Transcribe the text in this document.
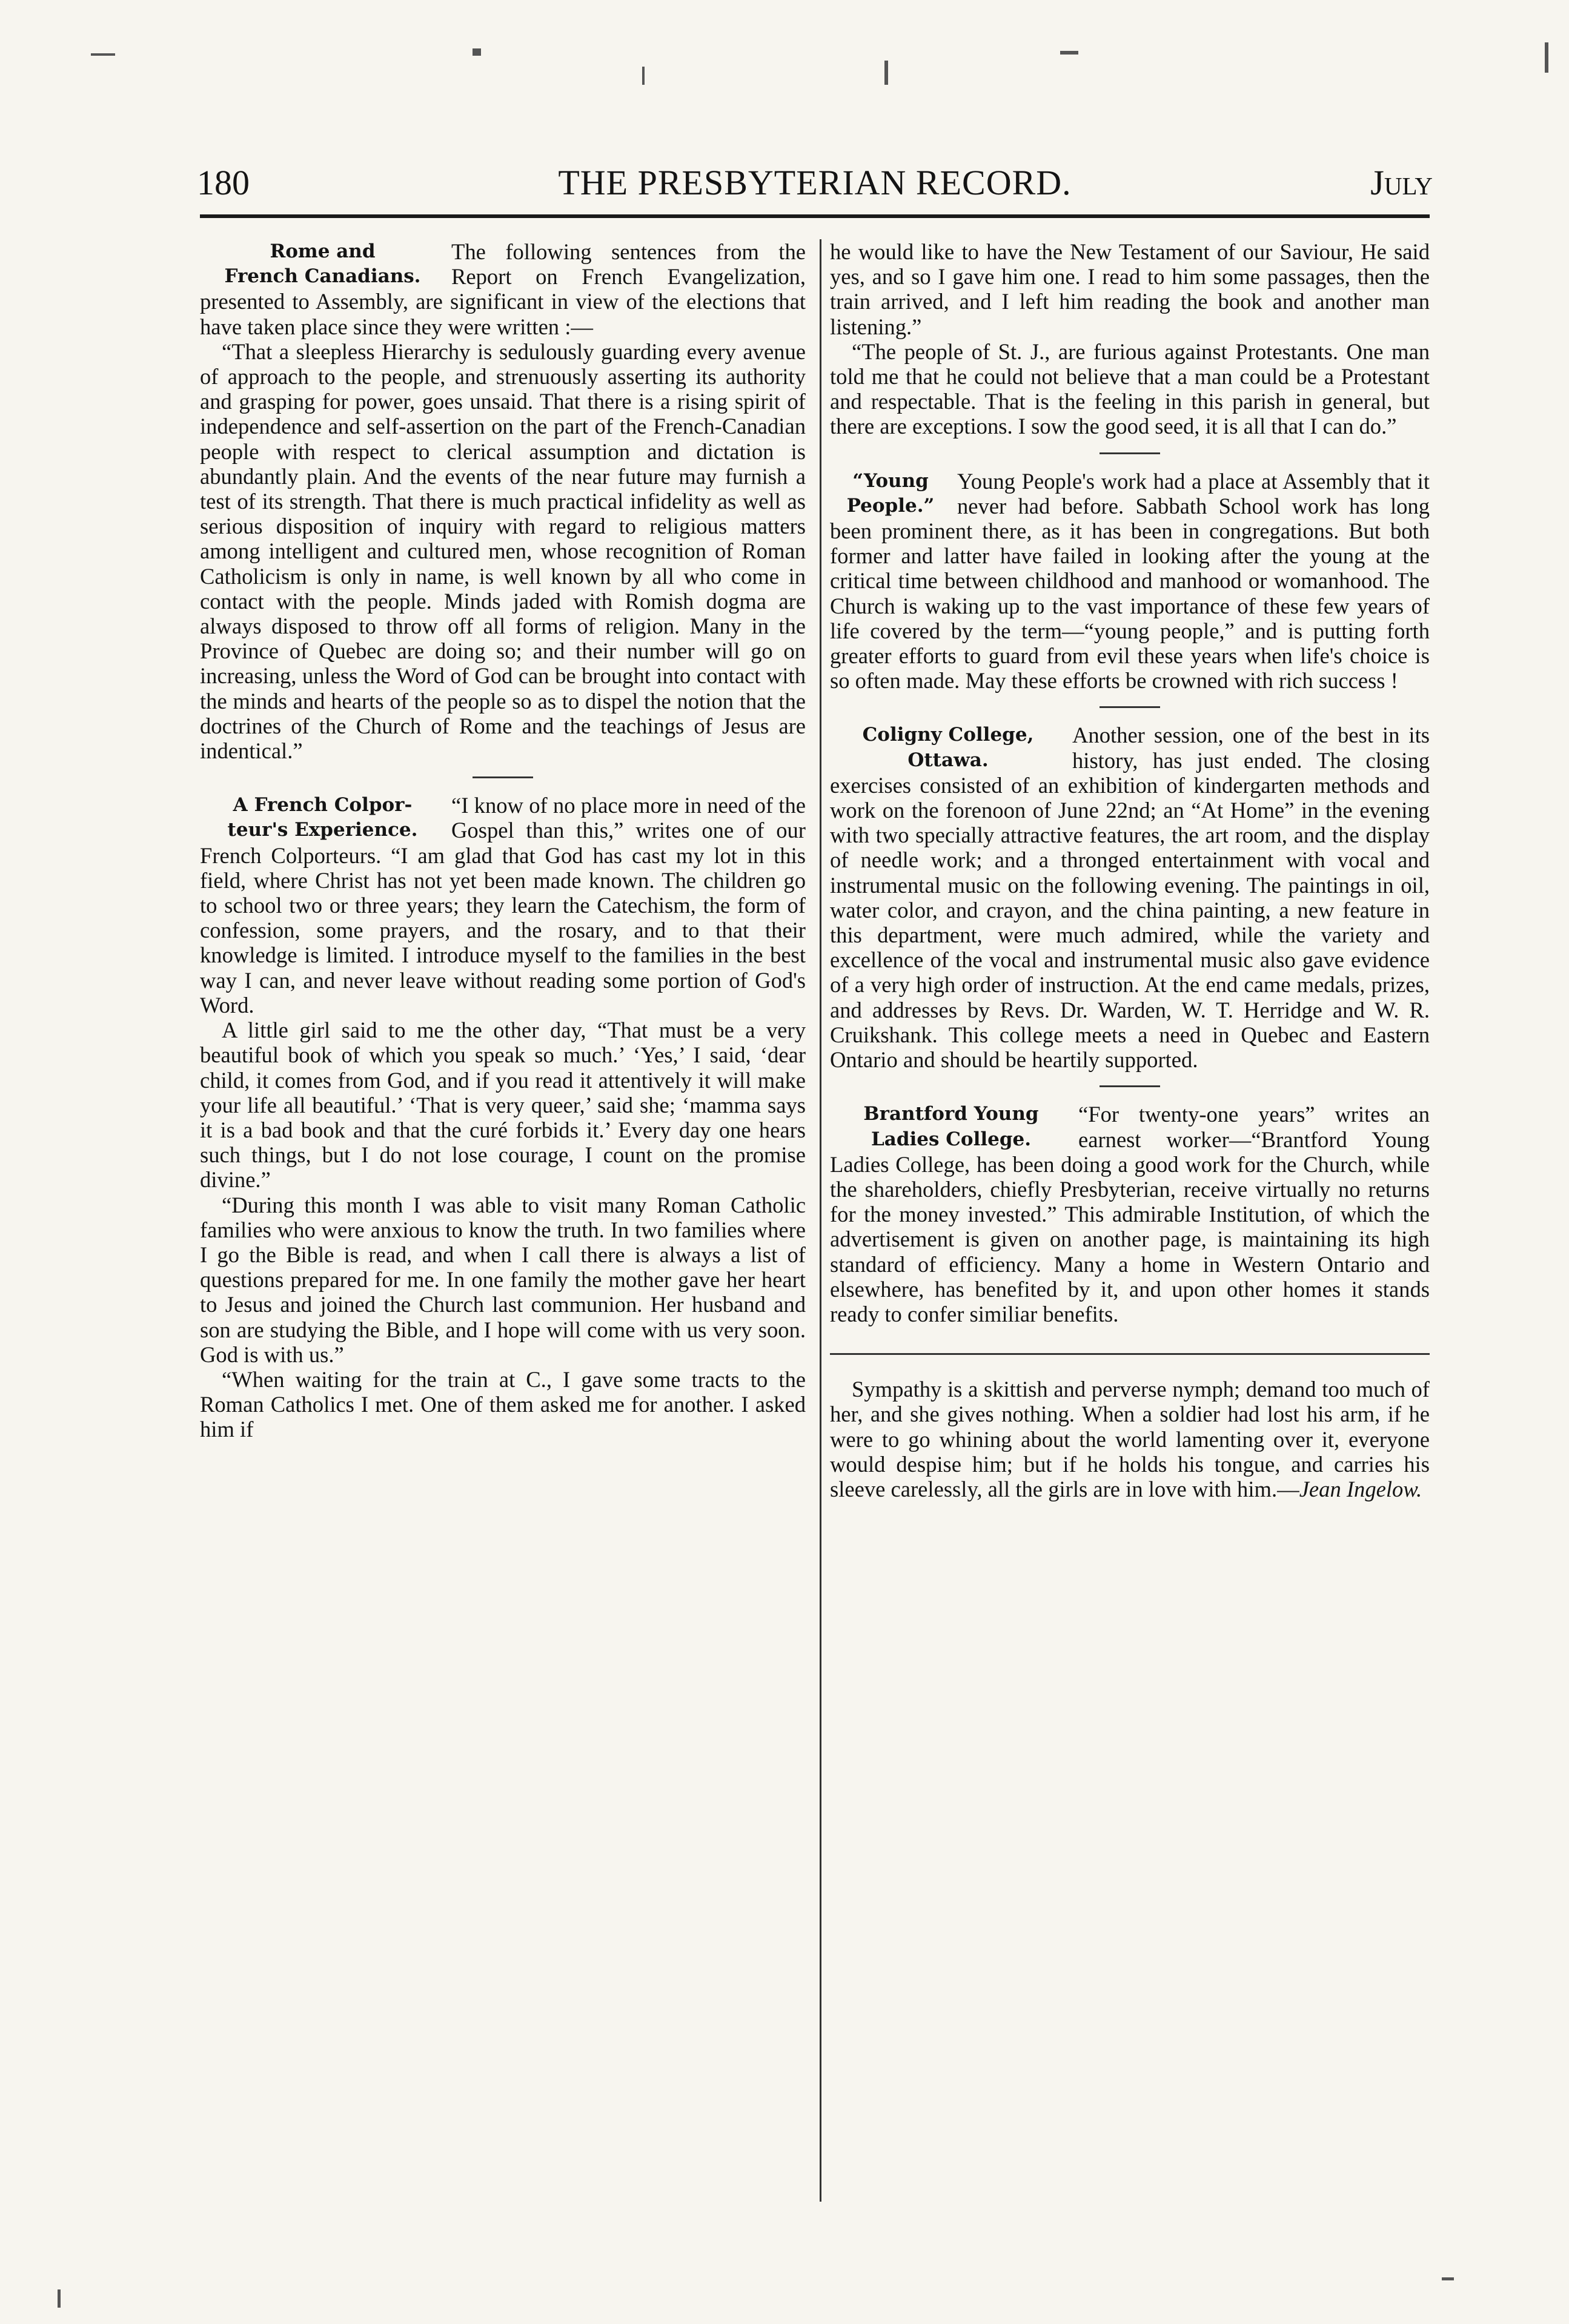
180	THE PRESBYTERIAN RECORD.	July
Rome and
French Canadians.

The following sentences from the Report on French Evangelization, presented to Assembly, are significant in view of the elections that have taken place since they were written :—

“That a sleepless Hierarchy is sedulously guarding every avenue of approach to the people, and strenuously asserting its authority and grasping for power, goes unsaid. That there is a rising spirit of independence and self-assertion on the part of the French-Canadian people with respect to clerical assumption and dictation is abundantly plain. And the events of the near future may furnish a test of its strength. That there is much practical infidelity as well as serious disposition of inquiry with regard to religious matters among intelligent and cultured men, whose recognition of Roman Catholicism is only in name, is well known by all who come in contact with the people. Minds jaded with Romish dogma are always disposed to throw off all forms of religion. Many in the Province of Quebec are doing so; and their number will go on increasing, unless the Word of God can be brought into contact with the minds and hearts of the people so as to dispel the notion that the doctrines of the Church of Rome and the teachings of Jesus are indentical.”

A French Colpor-
teur's Experience.

“I know of no place more in need of the Gospel than this,” writes one of our French Colporteurs. “I am glad that God has cast my lot in this field, where Christ has not yet been made known. The children go to school two or three years; they learn the Catechism, the form of confession, some prayers, and the rosary, and to that their knowledge is limited. I introduce myself to the families in the best way I can, and never leave without reading some portion of God's Word.

A little girl said to me the other day, “That must be a very beautiful book of which you speak so much.’ ‘Yes,’ I said, ‘dear child, it comes from God, and if you read it attentively it will make your life all beautiful.’ ‘That is very queer,’ said she; ‘mamma says it is a bad book and that the curé forbids it.’ Every day one hears such things, but I do not lose courage, I count on the promise divine.”

“During this month I was able to visit many Roman Catholic families who were anxious to know the truth. In two families where I go the Bible is read, and when I call there is always a list of questions prepared for me. In one family the mother gave her heart to Jesus and joined the Church last communion. Her husband and son are studying the Bible, and I hope will come with us very soon. God is with us.”

“When waiting for the train at C., I gave some tracts to the Roman Catholics I met. One of them asked me for another. I asked him if

he would like to have the New Testament of our Saviour, He said yes, and so I gave him one. I read to him some passages, then the train arrived, and I left him reading the book and another man listening.”

“The people of St. J., are furious against Protestants. One man told me that he could not believe that a man could be a Protestant and respectable. That is the feeling in this parish in general, but there are exceptions. I sow the good seed, it is all that I can do.”

“Young
People.”

Young People's work had a place at Assembly that it never had before. Sabbath School work has long been prominent there, as it has been in congregations. But both former and latter have failed in looking after the young at the critical time between childhood and manhood or womanhood. The Church is waking up to the vast importance of these few years of life covered by the term—“young people,” and is putting forth greater efforts to guard from evil these years when life's choice is so often made. May these efforts be crowned with rich success !

Coligny College,
Ottawa.

Another session, one of the best in its history, has just ended. The closing exercises consisted of an exhibition of kindergarten methods and work on the forenoon of June 22nd; an “At Home” in the evening with two specially attractive features, the art room, and the display of needle work; and a thronged entertainment with vocal and instrumental music on the following evening. The paintings in oil, water color, and crayon, and the china painting, a new feature in this department, were much admired, while the variety and excellence of the vocal and instrumental music also gave evidence of a very high order of instruction. At the end came medals, prizes, and addresses by Revs. Dr. Warden, W. T. Herridge and W. R. Cruikshank. This college meets a need in Quebec and Eastern Ontario and should be heartily supported.

Brantford Young
Ladies College.

“For twenty-one years” writes an earnest worker—“Brantford Young Ladies College, has been doing a good work for the Church, while the shareholders, chiefly Presbyterian, receive virtually no returns for the money invested.” This admirable Institution, of which the advertisement is given on another page, is maintaining its high standard of efficiency. Many a home in Western Ontario and elsewhere, has benefited by it, and upon other homes it stands ready to confer similiar benefits.

Sympathy is a skittish and perverse nymph; demand too much of her, and she gives nothing. When a soldier had lost his arm, if he were to go whining about the world lamenting over it, everyone would despise him; but if he holds his tongue, and carries his sleeve carelessly, all the girls are in love with him.—Jean Ingelow.
